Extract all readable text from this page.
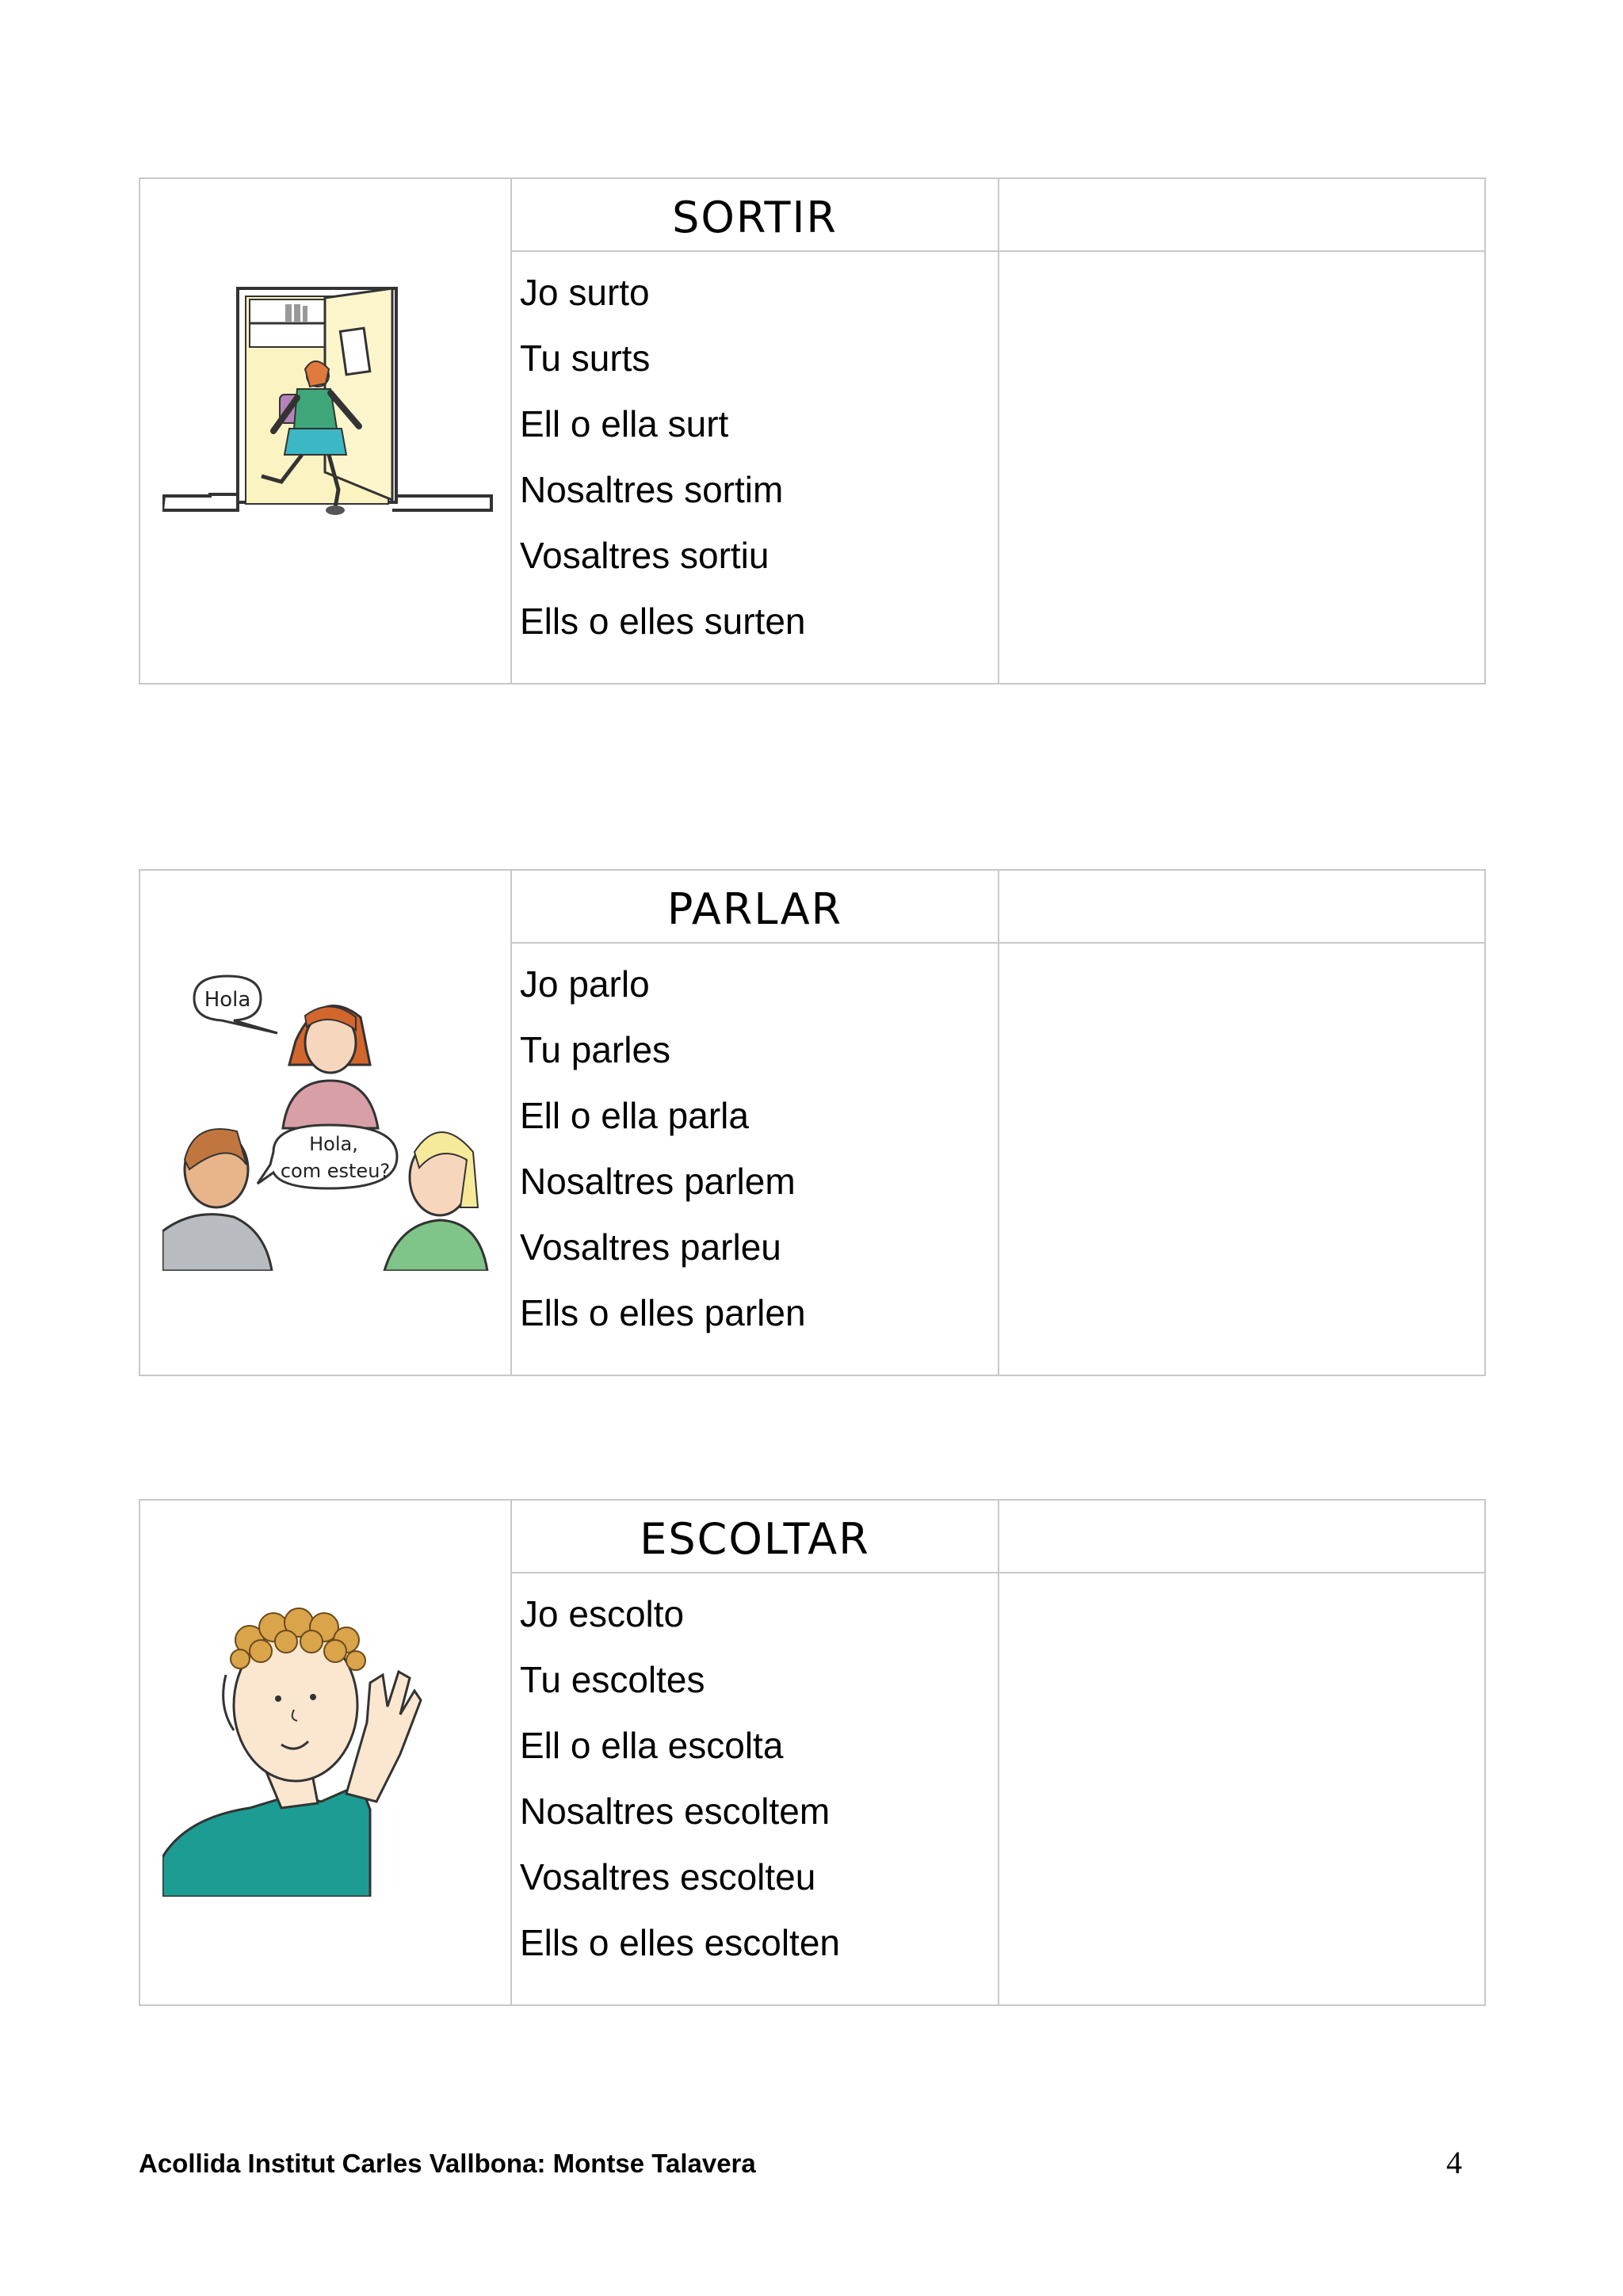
SORTIR
Jo surto
Tu surts
Ell o ella surt
Nosaltres sortim
Vosaltres sortiu
Ells o elles surten
Hola
Hola,
com esteu?
PARLAR
Jo parlo
Tu parles
Ell o ella parla
Nosaltres parlem
Vosaltres parleu
Ells o elles parlen
ESCOLTAR
Jo escolto
Tu escoltes
Ell o ella escolta
Nosaltres escoltem
Vosaltres escolteu
Ells o elles escolten
Acollida Institut Carles Vallbona: Montse Talavera	4
